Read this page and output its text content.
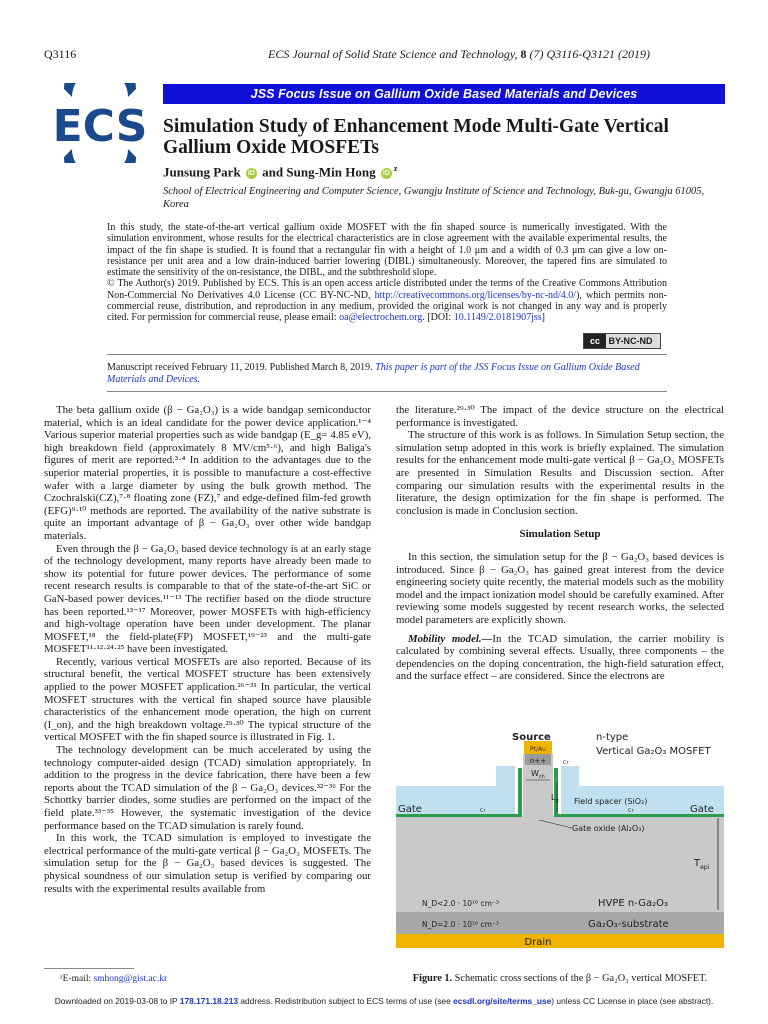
Q3116	ECS Journal of Solid State Science and Technology, 8 (7) Q3116-Q3121 (2019)
ECS
JSS Focus Issue on Gallium Oxide Based Materials and Devices
Simulation Study of Enhancement Mode Multi-Gate Vertical Gallium Oxide MOSFETs
Junsung Park iD and Sung-Min Hong $iD^z$
School of Electrical Engineering and Computer Science, Gwangju Institute of Science and Technology, Buk-gu, Gwangju 61005, Korea

In this study, the state-of-the-art vertical gallium oxide MOSFET with the fin shaped source is numerically investigated. With the simulation environment, whose results for the electrical characteristics are in close agreement with the available experimental results, the impact of the fin shape is studied. It is found that a rectangular fin with a height of 1.0 μm and a width of 0.3 μm can give a low on-resistance per unit area and a low drain-induced barrier lowering (DIBL) simultaneously. Moreover, the tapered fins are simulated to estimate the sensitivity of the on-resistance, the DIBL, and the subthreshold slope.

© The Author(s) 2019. Published by ECS. This is an open access article distributed under the terms of the Creative Commons Attribution Non-Commercial No Derivatives 4.0 License (CC BY-NC-ND, http://creativecommons.org/licenses/by-nc-nd/4.0/), which permits non-commercial reuse, distribution, and reproduction in any medium, provided the original work is not changed in any way and is properly cited. For permission for commercial reuse, please email: oa@electrochem.org. [DOI: 10.1149/2.0181907jss]

cc BY-NC-ND
Manuscript received February 11, 2019. Published March 8, 2019. This paper is part of the JSS Focus Issue on Gallium Oxide Based Materials and Devices.

The beta gallium oxide (β − Ga₂O₃) is a wide bandgap semiconductor material, which is an ideal candidate for the power device application.¹⁻⁴ Various superior material properties such as wide bandgap (E_g= 4.85 eV), high breakdown field (approximately 8 MV/cm⁵·⁶), and high Baliga's figures of merit are reported.³·⁴ In addition to the advantages due to the superior material properties, it is possible to manufacture a cost-effective wafer with a large diameter by using the bulk growth method. The Czochralski(CZ),⁷·⁸ floating zone (FZ),⁷ and edge-defined film-fed growth (EFG)⁹·¹⁰ methods are reported. The availability of the native substrate is quite an important advantage of β − Ga₂O₃ over other wide bandgap materials.

Even through the β − Ga₂O₃ based device technology is at an early stage of the technology development, many reports have already been made to show its potential for future power devices. The performance of some recent research results is comparable to that of the state-of-the-art SiC or GaN-based power devices.¹¹⁻¹³ The rectifier based on the diode structure has been reported.¹³⁻¹⁷ Moreover, power MOSFETs with high-efficiency and high-voltage operation have been under development. The planar MOSFET,¹⁸ the field-plate(FP) MOSFET,¹⁹⁻²³ and the multi-gate MOSFET¹¹·¹²·²⁴·²⁵ have been investigated.

Recently, various vertical MOSFETs are also reported. Because of its structural benefit, the vertical MOSFET structure has been extensively applied to the power MOSFET application.²⁶⁻³¹ In particular, the vertical MOSFET structures with the vertical fin shaped source have plausible characteristics of the enhancement mode operation, the high on current (I_on), and the high breakdown voltage.²⁹·³⁰ The typical structure of the vertical MOSFET with the fin shaped source is illustrated in Fig. 1.

The technology development can be much accelerated by using the technology computer-aided design (TCAD) simulation appropriately. In addition to the progress in the device fabrication, there have been a few reports about the TCAD simulation of the β − Ga₂O₃ devices.³²⁻³⁶ For the Schottky barrier diodes, some studies are performed on the impact of the field plate.³³⁻³⁵ However, the systematic investigation of the device performance based on the TCAD simulation is rarely found.

In this work, the TCAD simulation is employed to investigate the electrical performance of the multi-gate vertical β − Ga₂O₃ MOSFETs. The simulation setup for the β − Ga₂O₃ based devices is suggested. The physical soundness of our simulation setup is verified by comparing our results with the experimental results available from

the literature.²⁹·³⁰ The impact of the device structure on the electrical performance is investigated.

The structure of this work is as follows. In Simulation Setup section, the simulation setup adopted in this work is briefly explained. The simulation results for the enhancement mode multi-gate vertical β − Ga₂O₃ MOSFETs are presented in Simulation Results and Discussion section. After comparing our simulation results with the experimental results in the literature, the design optimization for the fin shape is performed. The conclusion is made in Conclusion section.

Simulation Setup

In this section, the simulation setup for the β − Ga₂O₃ based devices is introduced. Since β − Ga₂O₃ has gained great interest from the device engineering society quite recently, the material models such as the mobility model and the impact ionization model should be carefully examined. After reviewing some models suggested by recent research works, the selected model parameters are explicitly shown.

Mobility model.—In the TCAD simulation, the carrier mobility is calculated by combining several effects. Usually, three components – the dependencies on the doping concentration, the high-field saturation effect, and the surface effect – are considered. Since the electrons are

Pt/Au
Source	n-type
Vertical Ga₂O₃ MOSFET
n++
$W_{ch}$
$L_g$ Field spacer (SiO₂)
Gate	Gate
Cr
Cr
Cr
Gate oxide (Al₂O₃)
$T_{epi}$
N_D<2.0 · 10¹⁶ cm⁻³	HVPE n-Ga₂O₃
N_D=2.0 · 10¹⁸ cm⁻³	Ga₂O₃-substrate
Drain
Figure 1. Schematic cross sections of the β − Ga₂O₃ vertical MOSFET.
ᶻE-mail: smhong@gist.ac.kr
Downloaded on 2019-03-08 to IP 178.171.18.213 address. Redistribution subject to ECS terms of use (see ecsdl.org/site/terms_use) unless CC License in place (see abstract).
